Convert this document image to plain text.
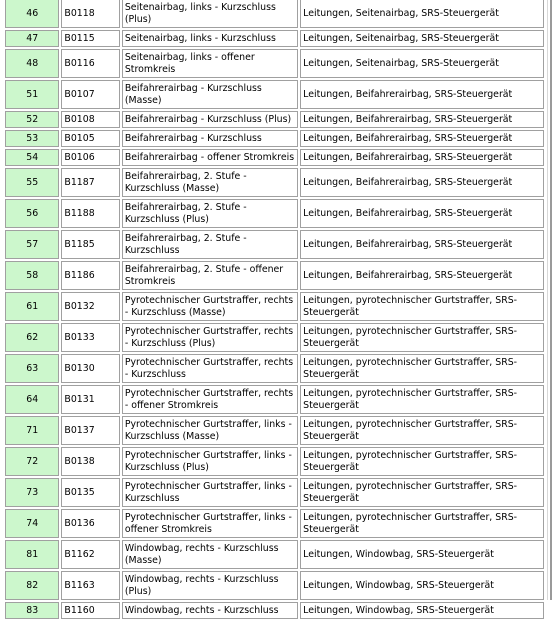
46	B0118	Seitenairbag, links - Kurzschluss (Plus)	Leitungen, Seitenairbag, SRS-Steuergerät
47	B0115	Seitenairbag, links - Kurzschluss	Leitungen, Seitenairbag, SRS-Steuergerät
48	B0116	Seitenairbag, links - offener Stromkreis	Leitungen, Seitenairbag, SRS-Steuergerät
51	B0107	Beifahrerairbag - Kurzschluss (Masse)	Leitungen, Beifahrerairbag, SRS-Steuergerät
52	B0108	Beifahrerairbag - Kurzschluss (Plus)	Leitungen, Beifahrerairbag, SRS-Steuergerät
53	B0105	Beifahrerairbag - Kurzschluss	Leitungen, Beifahrerairbag, SRS-Steuergerät
54	B0106	Beifahrerairbag - offener Stromkreis	Leitungen, Beifahrerairbag, SRS-Steuergerät
55	B1187	Beifahrerairbag, 2. Stufe - Kurzschluss (Masse)	Leitungen, Beifahrerairbag, SRS-Steuergerät
56	B1188	Beifahrerairbag, 2. Stufe - Kurzschluss (Plus)	Leitungen, Beifahrerairbag, SRS-Steuergerät
57	B1185	Beifahrerairbag, 2. Stufe - Kurzschluss	Leitungen, Beifahrerairbag, SRS-Steuergerät
58	B1186	Beifahrerairbag, 2. Stufe - offener Stromkreis	Leitungen, Beifahrerairbag, SRS-Steuergerät
61	B0132	Pyrotechnischer Gurtstraffer, rechts - Kurzschluss (Masse)	Leitungen, pyrotechnischer Gurtstraffer, SRS-Steuergerät
62	B0133	Pyrotechnischer Gurtstraffer, rechts - Kurzschluss (Plus)	Leitungen, pyrotechnischer Gurtstraffer, SRS-Steuergerät
63	B0130	Pyrotechnischer Gurtstraffer, rechts - Kurzschluss	Leitungen, pyrotechnischer Gurtstraffer, SRS-Steuergerät
64	B0131	Pyrotechnischer Gurtstraffer, rechts - offener Stromkreis	Leitungen, pyrotechnischer Gurtstraffer, SRS-Steuergerät
71	B0137	Pyrotechnischer Gurtstraffer, links - Kurzschluss (Masse)	Leitungen, pyrotechnischer Gurtstraffer, SRS-Steuergerät
72	B0138	Pyrotechnischer Gurtstraffer, links - Kurzschluss (Plus)	Leitungen, pyrotechnischer Gurtstraffer, SRS-Steuergerät
73	B0135	Pyrotechnischer Gurtstraffer, links - Kurzschluss	Leitungen, pyrotechnischer Gurtstraffer, SRS-Steuergerät
74	B0136	Pyrotechnischer Gurtstraffer, links - offener Stromkreis	Leitungen, pyrotechnischer Gurtstraffer, SRS-Steuergerät
81	B1162	Windowbag, rechts - Kurzschluss (Masse)	Leitungen, Windowbag, SRS-Steuergerät
82	B1163	Windowbag, rechts - Kurzschluss (Plus)	Leitungen, Windowbag, SRS-Steuergerät
83	B1160	Windowbag, rechts - Kurzschluss	Leitungen, Windowbag, SRS-Steuergerät
